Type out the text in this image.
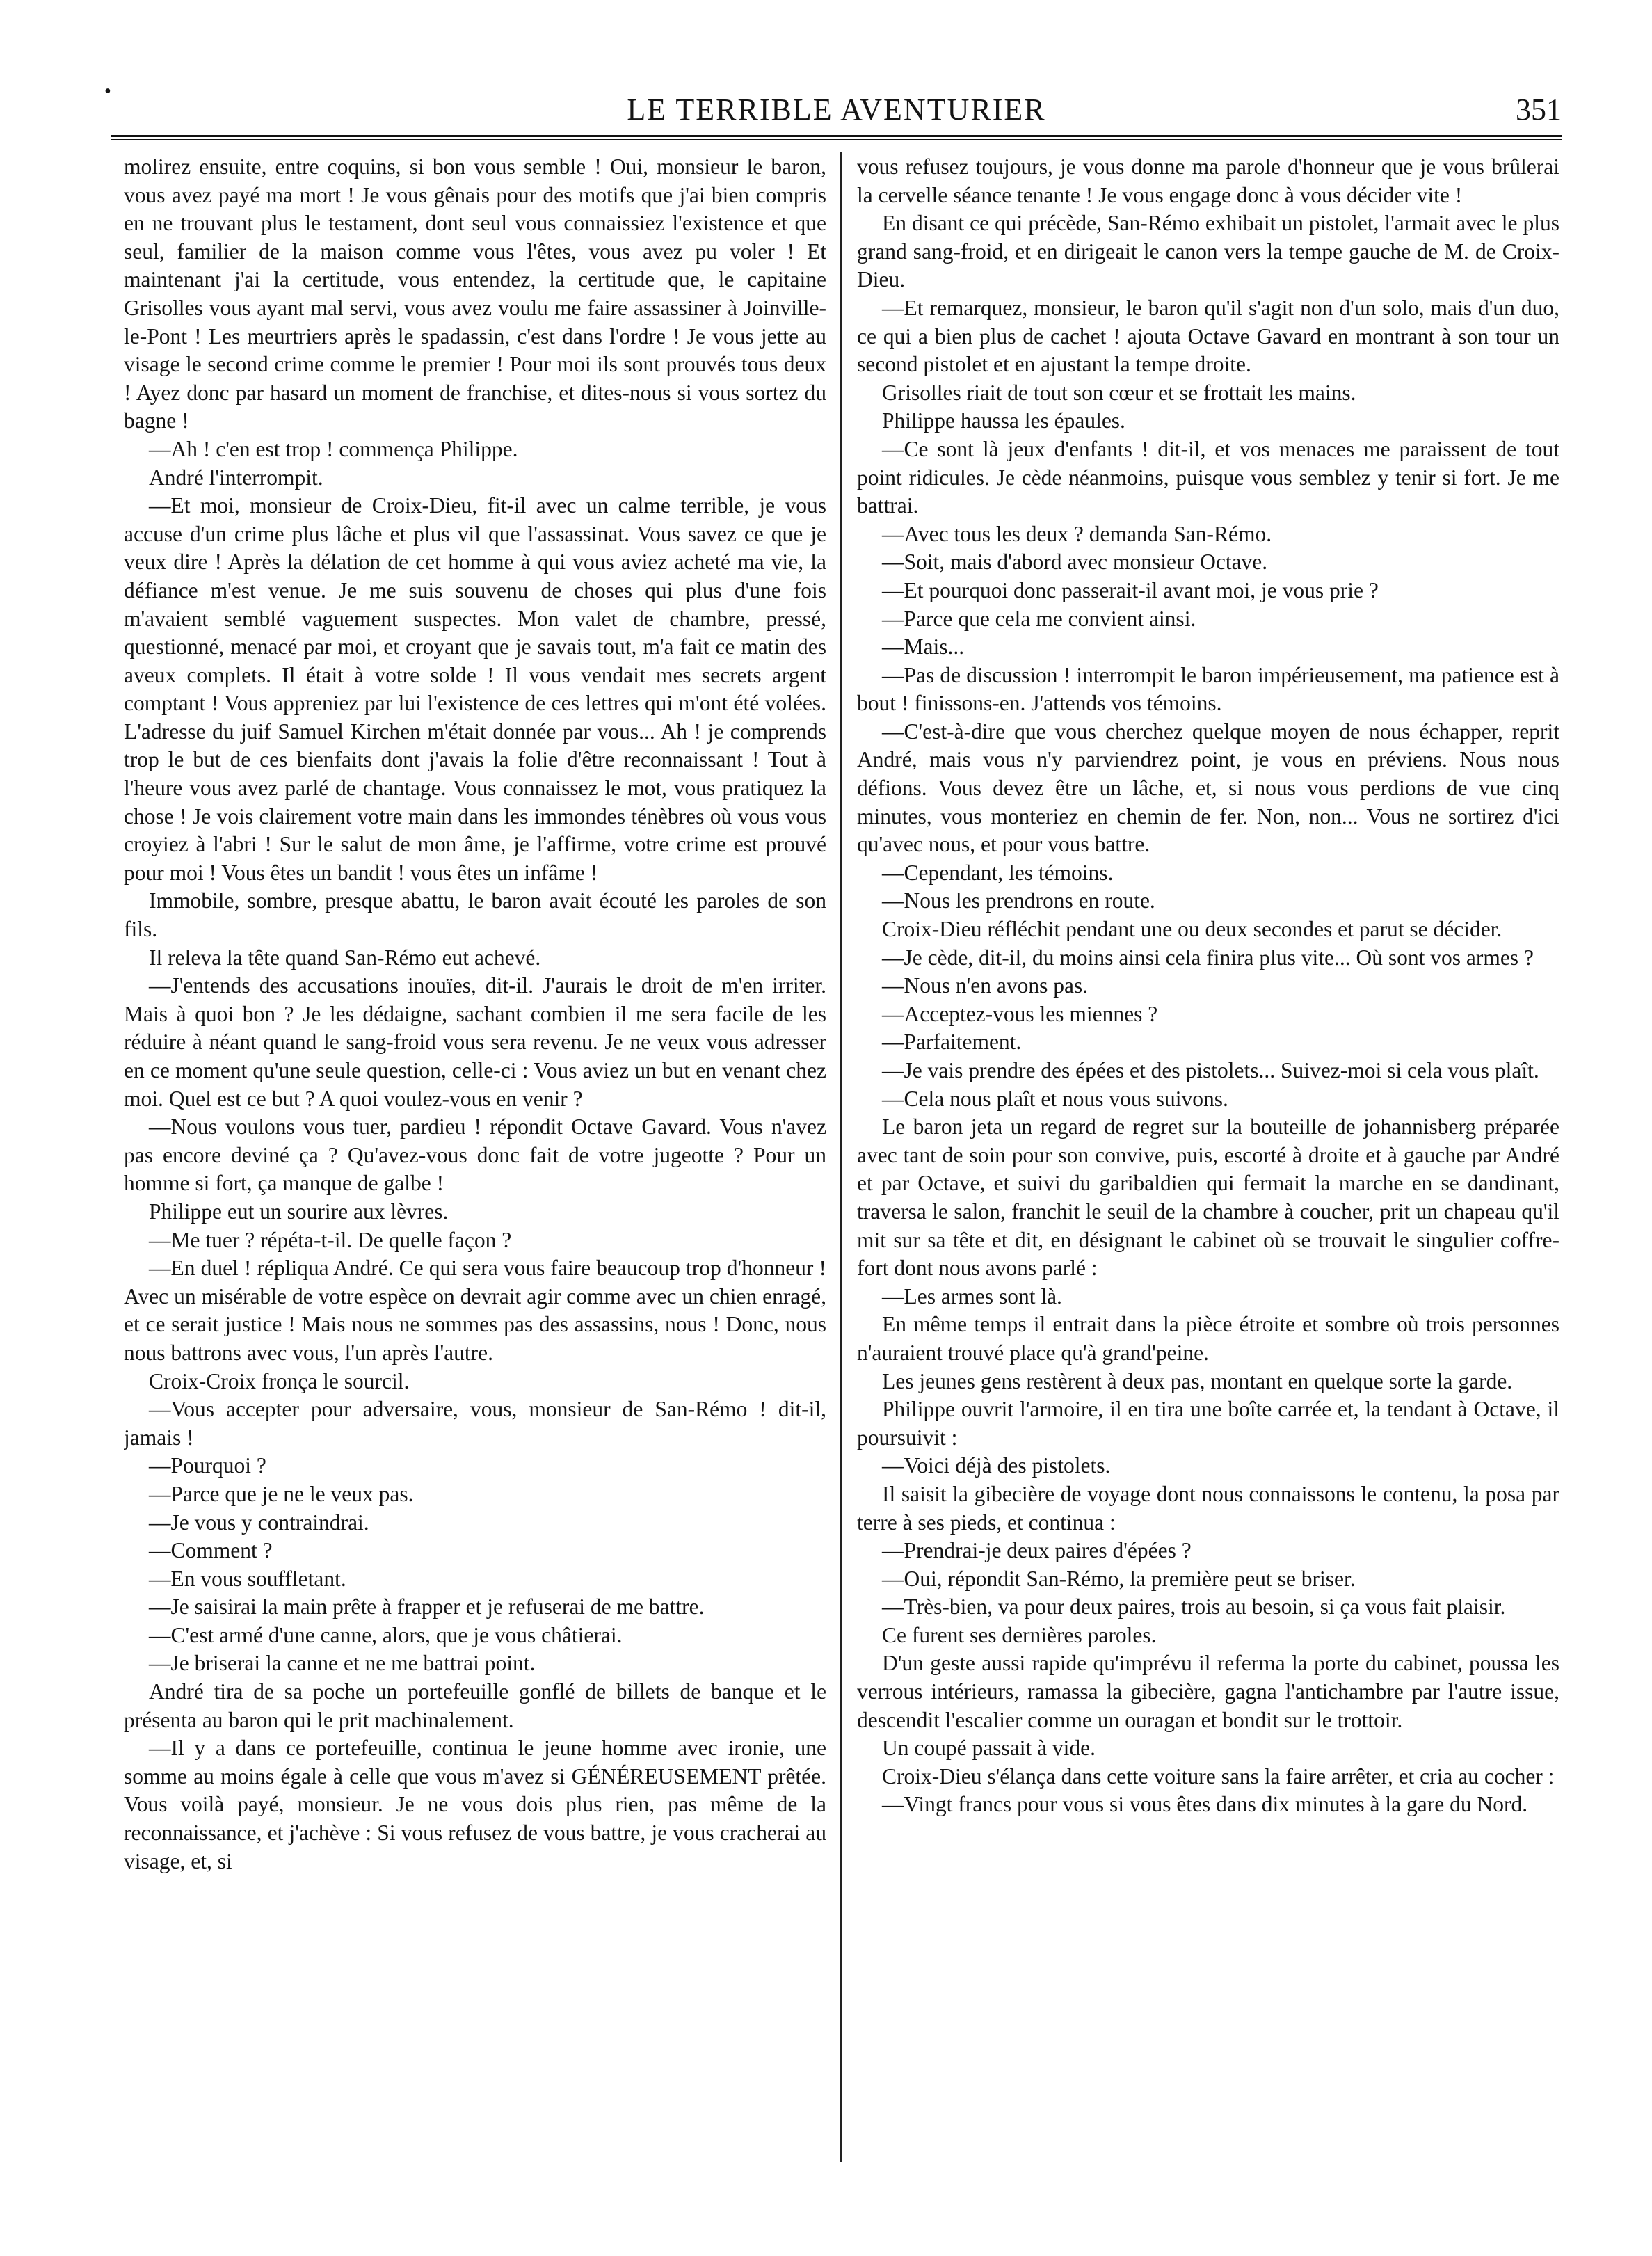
•
LE TERRIBLE AVENTURIER	351

molirez ensuite, entre coquins, si bon vous semble ! Oui, monsieur le baron, vous avez payé ma mort ! Je vous gênais pour des motifs que j'ai bien compris en ne trouvant plus le testament, dont seul vous connaissiez l'existence et que seul, familier de la maison comme vous l'êtes, vous avez pu voler ! Et maintenant j'ai la certitude, vous entendez, la certitude que, le capitaine Grisolles vous ayant mal servi, vous avez voulu me faire assassiner à Joinville-le-Pont ! Les meurtriers après le spadassin, c'est dans l'ordre ! Je vous jette au visage le second crime comme le premier ! Pour moi ils sont prouvés tous deux ! Ayez donc par hasard un moment de franchise, et dites-nous si vous sortez du bagne !

—Ah ! c'en est trop ! commença Philippe.

André l'interrompit.

—Et moi, monsieur de Croix-Dieu, fit-il avec un calme terrible, je vous accuse d'un crime plus lâche et plus vil que l'assassinat. Vous savez ce que je veux dire ! Après la délation de cet homme à qui vous aviez acheté ma vie, la défiance m'est venue. Je me suis souvenu de choses qui plus d'une fois m'avaient semblé vaguement suspectes. Mon valet de chambre, pressé, questionné, menacé par moi, et croyant que je savais tout, m'a fait ce matin des aveux complets. Il était à votre solde ! Il vous vendait mes secrets argent comptant ! Vous appreniez par lui l'existence de ces lettres qui m'ont été volées. L'adresse du juif Samuel Kirchen m'était donnée par vous... Ah ! je comprends trop le but de ces bienfaits dont j'avais la folie d'être reconnaissant ! Tout à l'heure vous avez parlé de chantage. Vous connaissez le mot, vous pratiquez la chose ! Je vois clairement votre main dans les immondes ténèbres où vous vous croyiez à l'abri ! Sur le salut de mon âme, je l'affirme, votre crime est prouvé pour moi ! Vous êtes un bandit ! vous êtes un infâme !

Immobile, sombre, presque abattu, le baron avait écouté les paroles de son fils.

Il releva la tête quand San-Rémo eut achevé.

—J'entends des accusations inouïes, dit-il. J'aurais le droit de m'en irriter. Mais à quoi bon ? Je les dédaigne, sachant combien il me sera facile de les réduire à néant quand le sang-froid vous sera revenu. Je ne veux vous adresser en ce moment qu'une seule question, celle-ci : Vous aviez un but en venant chez moi. Quel est ce but ? A quoi voulez-vous en venir ?

—Nous voulons vous tuer, pardieu ! répondit Octave Gavard. Vous n'avez pas encore deviné ça ? Qu'avez-vous donc fait de votre jugeotte ? Pour un homme si fort, ça manque de galbe !

Philippe eut un sourire aux lèvres.

—Me tuer ? répéta-t-il. De quelle façon ?

—En duel ! répliqua André. Ce qui sera vous faire beaucoup trop d'honneur ! Avec un misérable de votre espèce on devrait agir comme avec un chien enragé, et ce serait justice ! Mais nous ne sommes pas des assassins, nous ! Donc, nous nous battrons avec vous, l'un après l'autre.

Croix-Croix fronça le sourcil.

—Vous accepter pour adversaire, vous, monsieur de San-Rémo ! dit-il, jamais !

—Pourquoi ?

—Parce que je ne le veux pas.

—Je vous y contraindrai.

—Comment ?

—En vous souffletant.

—Je saisirai la main prête à frapper et je refuserai de me battre.

—C'est armé d'une canne, alors, que je vous châtierai.

—Je briserai la canne et ne me battrai point.

André tira de sa poche un portefeuille gonflé de billets de banque et le présenta au baron qui le prit machinalement.

—Il y a dans ce portefeuille, continua le jeune homme avec ironie, une somme au moins égale à celle que vous m'avez si GÉNÉREUSEMENT prêtée. Vous voilà payé, monsieur. Je ne vous dois plus rien, pas même de la reconnaissance, et j'achève : Si vous refusez de vous battre, je vous cracherai au visage, et, si

vous refusez toujours, je vous donne ma parole d'honneur que je vous brûlerai la cervelle séance tenante ! Je vous engage donc à vous décider vite !

En disant ce qui précède, San-Rémo exhibait un pistolet, l'armait avec le plus grand sang-froid, et en dirigeait le canon vers la tempe gauche de M. de Croix-Dieu.

—Et remarquez, monsieur, le baron qu'il s'agit non d'un solo, mais d'un duo, ce qui a bien plus de cachet ! ajouta Octave Gavard en montrant à son tour un second pistolet et en ajustant la tempe droite.

Grisolles riait de tout son cœur et se frottait les mains.

Philippe haussa les épaules.

—Ce sont là jeux d'enfants ! dit-il, et vos menaces me paraissent de tout point ridicules. Je cède néanmoins, puisque vous semblez y tenir si fort. Je me battrai.

—Avec tous les deux ? demanda San-Rémo.

—Soit, mais d'abord avec monsieur Octave.

—Et pourquoi donc passerait-il avant moi, je vous prie ?

—Parce que cela me convient ainsi.

—Mais...

—Pas de discussion ! interrompit le baron impérieusement, ma patience est à bout ! finissons-en. J'attends vos témoins.

—C'est-à-dire que vous cherchez quelque moyen de nous échapper, reprit André, mais vous n'y parviendrez point, je vous en préviens. Nous nous défions. Vous devez être un lâche, et, si nous vous perdions de vue cinq minutes, vous monteriez en chemin de fer. Non, non... Vous ne sortirez d'ici qu'avec nous, et pour vous battre.

—Cependant, les témoins.

—Nous les prendrons en route.

Croix-Dieu réfléchit pendant une ou deux secondes et parut se décider.

—Je cède, dit-il, du moins ainsi cela finira plus vite... Où sont vos armes ?

—Nous n'en avons pas.

—Acceptez-vous les miennes ?

—Parfaitement.

—Je vais prendre des épées et des pistolets... Suivez-moi si cela vous plaît.

—Cela nous plaît et nous vous suivons.

Le baron jeta un regard de regret sur la bouteille de johannisberg préparée avec tant de soin pour son convive, puis, escorté à droite et à gauche par André et par Octave, et suivi du garibaldien qui fermait la marche en se dandinant, traversa le salon, franchit le seuil de la chambre à coucher, prit un chapeau qu'il mit sur sa tête et dit, en désignant le cabinet où se trouvait le singulier coffre-fort dont nous avons parlé :

—Les armes sont là.

En même temps il entrait dans la pièce étroite et sombre où trois personnes n'auraient trouvé place qu'à grand'peine.

Les jeunes gens restèrent à deux pas, montant en quelque sorte la garde.

Philippe ouvrit l'armoire, il en tira une boîte carrée et, la tendant à Octave, il poursuivit :

—Voici déjà des pistolets.

Il saisit la gibecière de voyage dont nous connaissons le contenu, la posa par terre à ses pieds, et continua :

—Prendrai-je deux paires d'épées ?

—Oui, répondit San-Rémo, la première peut se briser.

—Très-bien, va pour deux paires, trois au besoin, si ça vous fait plaisir.

Ce furent ses dernières paroles.

D'un geste aussi rapide qu'imprévu il referma la porte du cabinet, poussa les verrous intérieurs, ramassa la gibecière, gagna l'antichambre par l'autre issue, descendit l'escalier comme un ouragan et bondit sur le trottoir.

Un coupé passait à vide.

Croix-Dieu s'élança dans cette voiture sans la faire arrêter, et cria au cocher :

—Vingt francs pour vous si vous êtes dans dix minutes à la gare du Nord.
